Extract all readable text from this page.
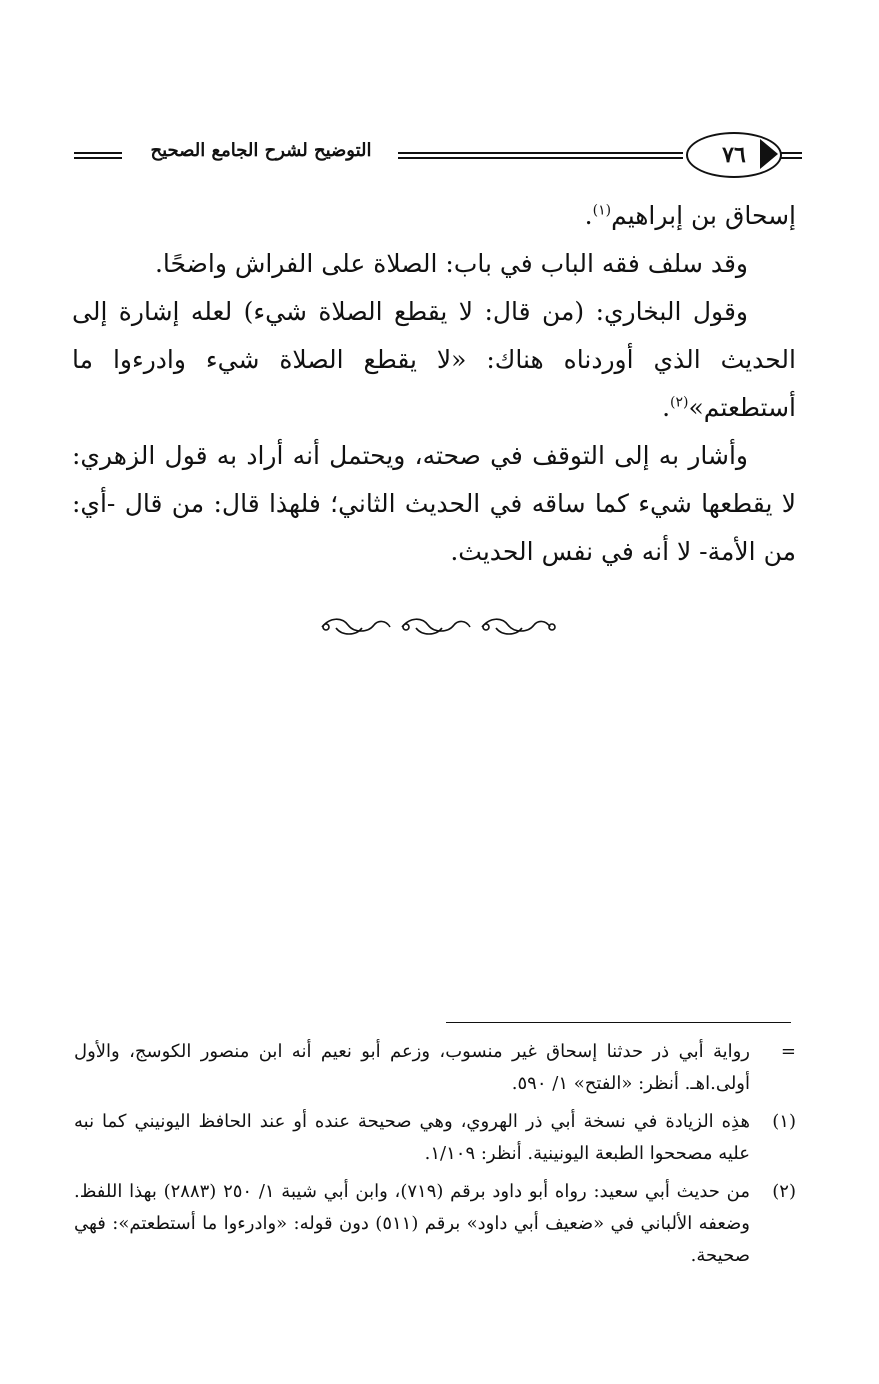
التوضيح لشرح الجامع الصحيح	٧٦

إسحاق بن إبراهيم$^{(١)}$.

وقد سلف فقه الباب في باب: الصلاة على الفراش واضحًا.

وقول البخاري: (من قال: لا يقطع الصلاة شيء) لعله إشارة إلى الحديث الذي أوردناه هناك: «لا يقطع الصلاة شيء وادرءوا ما أستطعتم»$^{(٢)}$.

وأشار به إلى التوقف في صحته، ويحتمل أنه أراد به قول الزهري: لا يقطعها شيء كما ساقه في الحديث الثاني؛ فلهذا قال: من قال -أي: من الأمة- لا أنه في نفس الحديث.

=
رواية أبي ذر حدثنا إسحاق غير منسوب، وزعم أبو نعيم أنه ابن منصور الكوسج، والأول أولى.اهـ. أنظر: «الفتح» ١/ ٥٩٠.
(١)
هذِه الزيادة في نسخة أبي ذر الهروي، وهي صحيحة عنده أو عند الحافظ اليونيني كما نبه عليه مصححوا الطبعة اليونينية. أنظر: ١/١٠٩.
(٢)
من حديث أبي سعيد: رواه أبو داود برقم (٧١٩)، وابن أبي شيبة ١/ ٢٥٠ (٢٨٨٣) بهذا اللفظ. وضعفه الألباني في «ضعيف أبي داود» برقم (٥١١) دون قوله: «وادرءوا ما أستطعتم»: فهي صحيحة.
